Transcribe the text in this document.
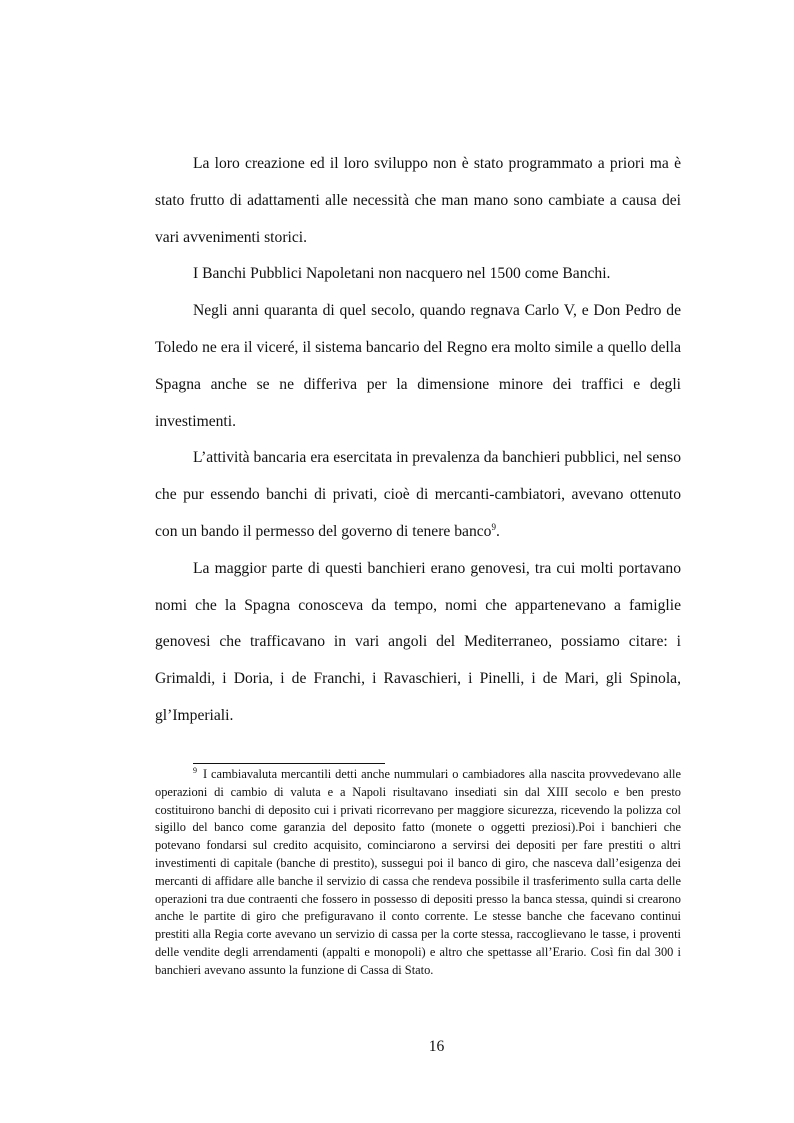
La loro creazione ed il loro sviluppo non è stato programmato a priori ma è stato frutto di adattamenti alle necessità che man mano sono cambiate a causa dei vari avvenimenti storici.

I Banchi Pubblici Napoletani non nacquero nel 1500 come Banchi.

Negli anni quaranta di quel secolo, quando regnava Carlo V, e Don Pedro de Toledo ne era il viceré, il sistema bancario del Regno era molto simile a quello della Spagna anche se ne differiva per la dimensione minore dei traffici e degli investimenti.

L’attività bancaria era esercitata in prevalenza da banchieri pubblici, nel senso che pur essendo banchi di privati, cioè di mercanti-cambiatori, avevano ottenuto con un bando il permesso del governo di tenere banco$^9$.

La maggior parte di questi banchieri erano genovesi, tra cui molti portavano nomi che la Spagna conosceva da tempo, nomi che appartenevano a famiglie genovesi che trafficavano in vari angoli del Mediterraneo, possiamo citare: i Grimaldi, i Doria, i de Franchi, i Ravaschieri, i Pinelli, i de Mari, gli Spinola, gl’Imperiali.

$^9$ I cambiavaluta mercantili detti anche nummulari o cambiadores alla nascita provvedevano alle operazioni di cambio di valuta e a Napoli risultavano insediati sin dal XIII secolo e ben presto costituirono banchi di deposito cui i privati ricorrevano per maggiore sicurezza, ricevendo la polizza col sigillo del banco come garanzia del deposito fatto (monete o oggetti preziosi).Poi i banchieri che potevano fondarsi sul credito acquisito, cominciarono a servirsi dei depositi per fare prestiti o altri investimenti di capitale (banche di prestito), sussegui poi il banco di giro, che nasceva dall’esigenza dei mercanti di affidare alle banche il servizio di cassa che rendeva possibile il trasferimento sulla carta delle operazioni tra due contraenti che fossero in possesso di depositi presso la banca stessa, quindi si crearono anche le partite di giro che prefiguravano il conto corrente. Le stesse banche che facevano continui prestiti alla Regia corte avevano un servizio di cassa per la corte stessa, raccoglievano le tasse, i proventi delle vendite degli arrendamenti (appalti e monopoli) e altro che spettasse all’Erario. Così fin dal 300 i banchieri avevano assunto la funzione di Cassa di Stato.

16
